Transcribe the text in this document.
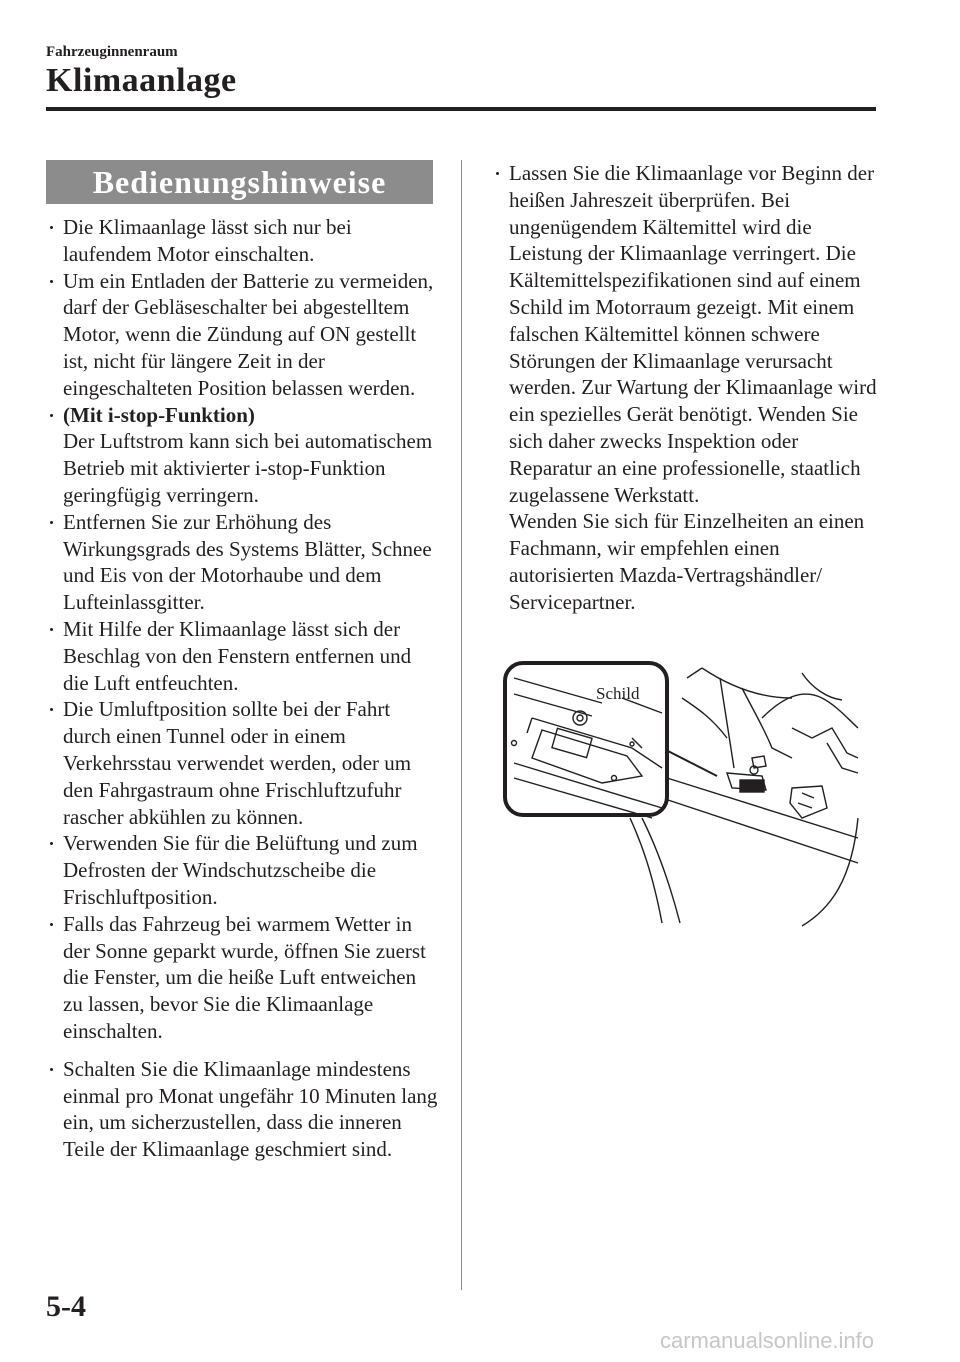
Fahrzeuginnenraum
Klimaanlage
Bedienungshinweise
Die Klimaanlage lässt sich nur bei laufendem Motor einschalten.
Um ein Entladen der Batterie zu vermeiden, darf der Gebläseschalter bei abgestelltem Motor, wenn die Zündung auf ON gestellt ist, nicht für längere Zeit in der eingeschalteten Position belassen werden.
(Mit i-stop-Funktion)
Der Luftstrom kann sich bei automatischem Betrieb mit aktivierter i-stop-Funktion geringfügig verringern.
Entfernen Sie zur Erhöhung des Wirkungsgrads des Systems Blätter, Schnee und Eis von der Motorhaube und dem Lufteinlassgitter.
Mit Hilfe der Klimaanlage lässt sich der Beschlag von den Fenstern entfernen und die Luft entfeuchten.
Die Umluftposition sollte bei der Fahrt durch einen Tunnel oder in einem Verkehrsstau verwendet werden, oder um den Fahrgastraum ohne Frischluftzufuhr rascher abkühlen zu können.
Verwenden Sie für die Belüftung und zum Defrosten der Windschutzscheibe die Frischluftposition.
Falls das Fahrzeug bei warmem Wetter in der Sonne geparkt wurde, öffnen Sie zuerst die Fenster, um die heiße Luft entweichen zu lassen, bevor Sie die Klimaanlage einschalten.
Schalten Sie die Klimaanlage mindestens einmal pro Monat ungefähr 10 Minuten lang ein, um sicherzustellen, dass die inneren Teile der Klimaanlage geschmiert sind.
Lassen Sie die Klimaanlage vor Beginn der heißen Jahreszeit überprüfen. Bei ungenügendem Kältemittel wird die Leistung der Klimaanlage verringert. Die Kältemittelspezifikationen sind auf einem Schild im Motorraum gezeigt. Mit einem falschen Kältemittel können schwere Störungen der Klimaanlage verursacht werden. Zur Wartung der Klimaanlage wird ein spezielles Gerät benötigt. Wenden Sie sich daher zwecks Inspektion oder Reparatur an eine professionelle, staatlich zugelassene Werkstatt.
Wenden Sie sich für Einzelheiten an einen Fachmann, wir empfehlen einen autorisierten Mazda-Vertragshändler/ Servicepartner.
Schild
5-4
carmanualsonline.info
